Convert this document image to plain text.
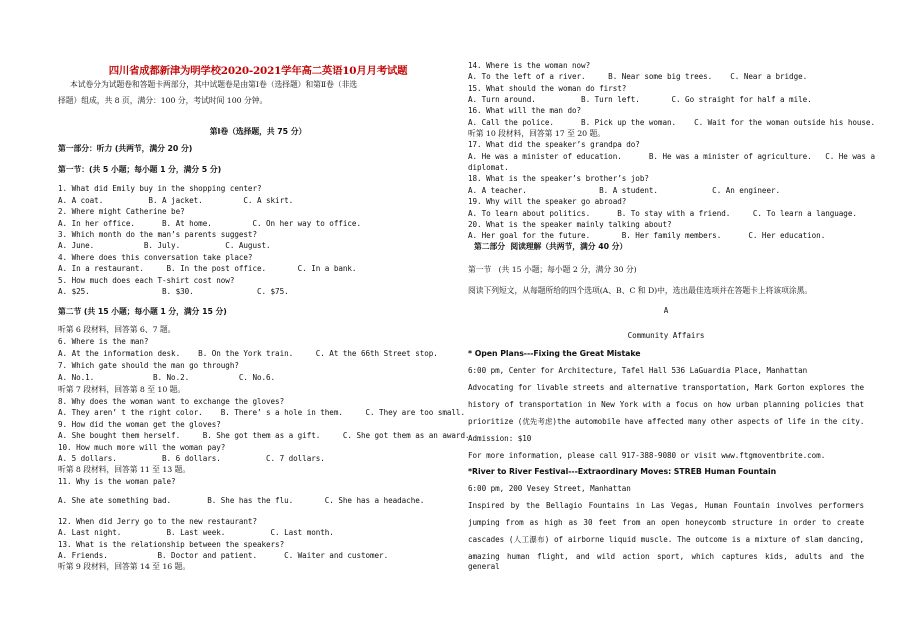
四川省成都新津为明学校2020-2021学年高二英语10月月考试题
本试卷分为试题卷和答题卡两部分，其中试题卷是由第Ⅰ卷（选择题）和第Ⅱ卷（非选
择题）组成，共 8 页，满分：100 分，考试时间 100 分钟。
第Ⅰ卷（选择题，共 75 分）
第一部分：听力 (共两节，满分 20 分)
第一节：(共 5 小题；每小题 1 分，满分 5 分)
1. What did Emily buy in the shopping center?
A. A coat.          B. A jacket.         C. A skirt.
2. Where might Catherine be?
A. In her office.      B. At home.         C. On her way to office.
3. Which month do the man’s parents suggest?
A. June.           B. July.          C. August.
4. Where does this conversation take place?
A. In a restaurant.     B. In the post office.       C. In a bank.
5. How much does each T-shirt cost now?
A. $25.                B. $30.              C. $75.
第二节 (共 15 小题；每小题 1 分，满分 15 分)
听第 6 段材料，回答第 6、7 题。
6. Where is the man?
A. At the information desk.    B. On the York train.     C. At the 66th Street stop.
7. Which gate should the man go through?
A. No.1.             B. No.2.           C. No.6.
听第 7 段材料，回答第 8 至 10 题。
8. Why does the woman want to exchange the gloves?
A. They aren’ t the right color.    B. There’ s a hole in them.     C. They are too small.
9. How did the woman get the gloves?
A. She bought them herself.     B. She got them as a gift.     C. She got them as an award.
10. How much more will the woman pay?
A. 5 dollars.          B. 6 dollars.          C. 7 dollars.
听第 8 段材料，回答第 11 至 13 题。
11. Why is the woman pale?
A. She ate something bad.        B. She has the flu.       C. She has a headache.
12. When did Jerry go to the new restaurant?
A. Last night.          B. Last week.          C. Last month.
13. What is the relationship between the speakers?
A. Friends.           B. Doctor and patient.      C. Waiter and customer.
听第 9 段材料，回答第 14 至 16 题。
14. Where is the woman now?
A. To the left of a river.     B. Near some big trees.    C. Near a bridge.
15. What should the woman do first?
A. Turn around.          B. Turn left.       C. Go straight for half a mile.
16. What will the man do?
A. Call the police.      B. Pick up the woman.    C. Wait for the woman outside his house.
听第 10 段材料，回答第 17 至 20 题。
17. What did the speaker’s grandpa do?
A. He was a minister of education.      B. He was a minister of agriculture.   C. He was a
diplomat.
18. What is the speaker’s brother’s job?
A. A teacher.                B. A student.            C. An engineer.
19. Why will the speaker go abroad?
A. To learn about politics.      B. To stay with a friend.     C. To learn a language.
20. What is the speaker mainly talking about?
A. Her goal for the future.       B. Her family members.      C. Her education.
第二部分  阅读理解（共两节，满分 40 分）
第一节   (共 15 小题；每小题 2 分，满分 30 分)
阅读下列短文，从每题所给的四个选项(A、B、C 和 D)中，选出最佳选项并在答题卡上将该项涂黑。
A
Community Affairs
* Open Plans---Fixing the Great Mistake
6:00 pm, Center for Architecture, Tafel Hall 536 LaGuardia Place, Manhattan
Advocating for livable streets and alternative transportation, Mark Gorton explores the
history of transportation in New York with a focus on how urban planning policies that
prioritize (优先考虑)the automobile have affected many other aspects of life in the city.
Admission: $10
For more information, please call 917-388-9080 or visit www.ftgmoventbrite.com.
*River to River Festival---Extraordinary Moves: STREB Human Fountain
6:00 pm, 200 Vesey Street, Manhattan
Inspired by the Bellagio Fountains in Las Vegas, Human Fountain involves performers
jumping from as high as 30 feet from an open honeycomb structure in order to create
cascades (人工瀑布) of airborne liquid muscle. The outcome is a mixture of slam dancing,
amazing human flight, and wild action sport, which captures kids, adults and the general
